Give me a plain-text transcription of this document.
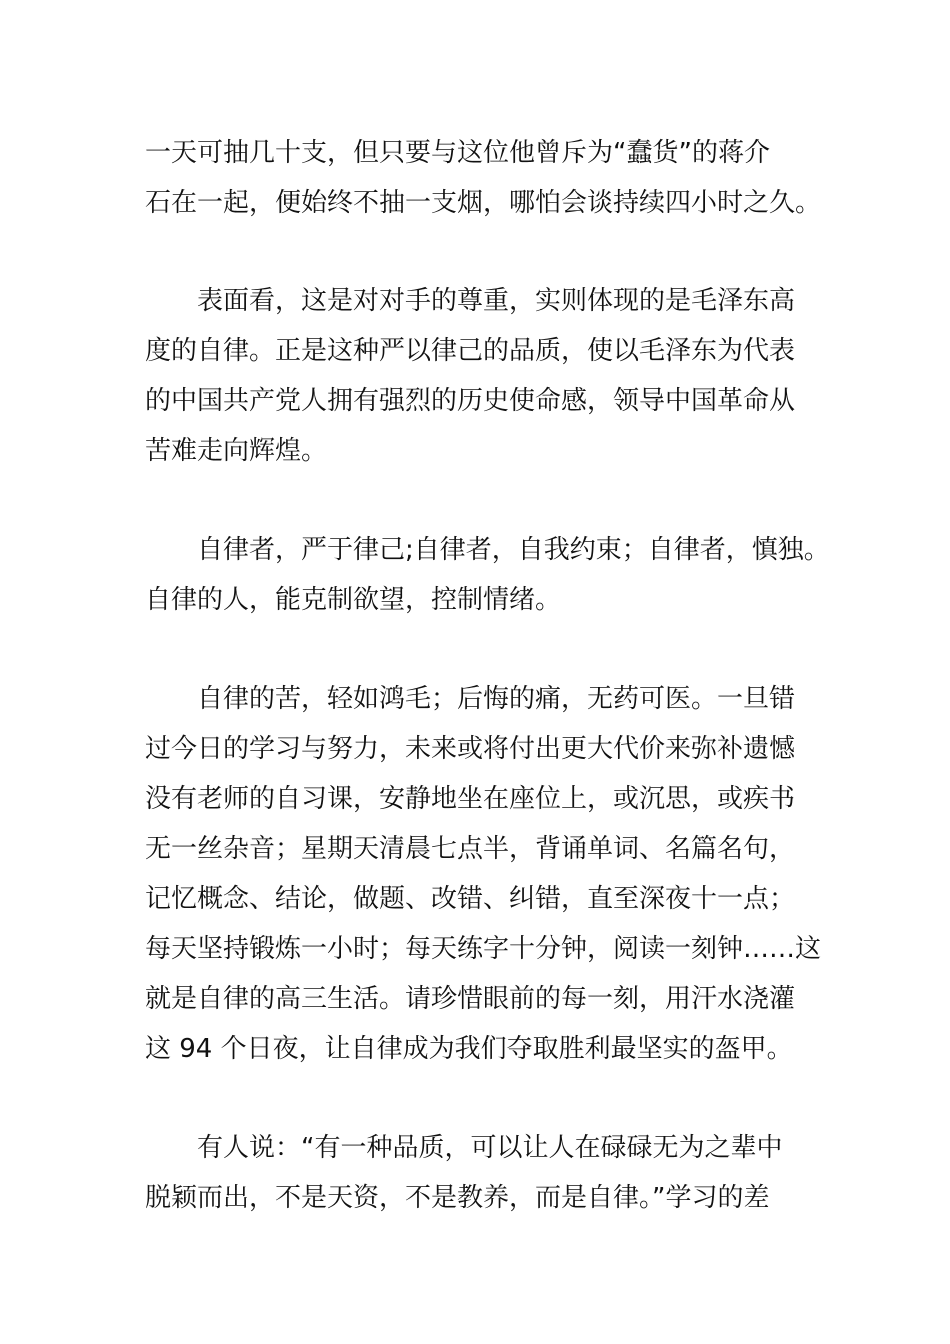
一天可抽几十支，但只要与这位他曾斥为“蠢货”的蒋介
石在一起，便始终不抽一支烟，哪怕会谈持续四小时之久。
表面看，这是对对手的尊重，实则体现的是毛泽东高
度的自律。正是这种严以律己的品质，使以毛泽东为代表
的中国共产党人拥有强烈的历史使命感，领导中国革命从
苦难走向辉煌。
自律者，严于律己;自律者，自我约束；自律者，慎独。
自律的人，能克制欲望，控制情绪。
自律的苦，轻如鸿毛；后悔的痛，无药可医。一旦错
过今日的学习与努力，未来或将付出更大代价来弥补遗憾
没有老师的自习课，安静地坐在座位上，或沉思，或疾书
无一丝杂音；星期天清晨七点半，背诵单词、名篇名句，
记忆概念、结论，做题、改错、纠错，直至深夜十一点；
每天坚持锻炼一小时；每天练字十分钟，阅读一刻钟……这
就是自律的高三生活。请珍惜眼前的每一刻，用汗水浇灌
这 94 个日夜，让自律成为我们夺取胜利最坚实的盔甲。
有人说：“有一种品质，可以让人在碌碌无为之辈中
脱颖而出，不是天资，不是教养，而是自律。”学习的差
